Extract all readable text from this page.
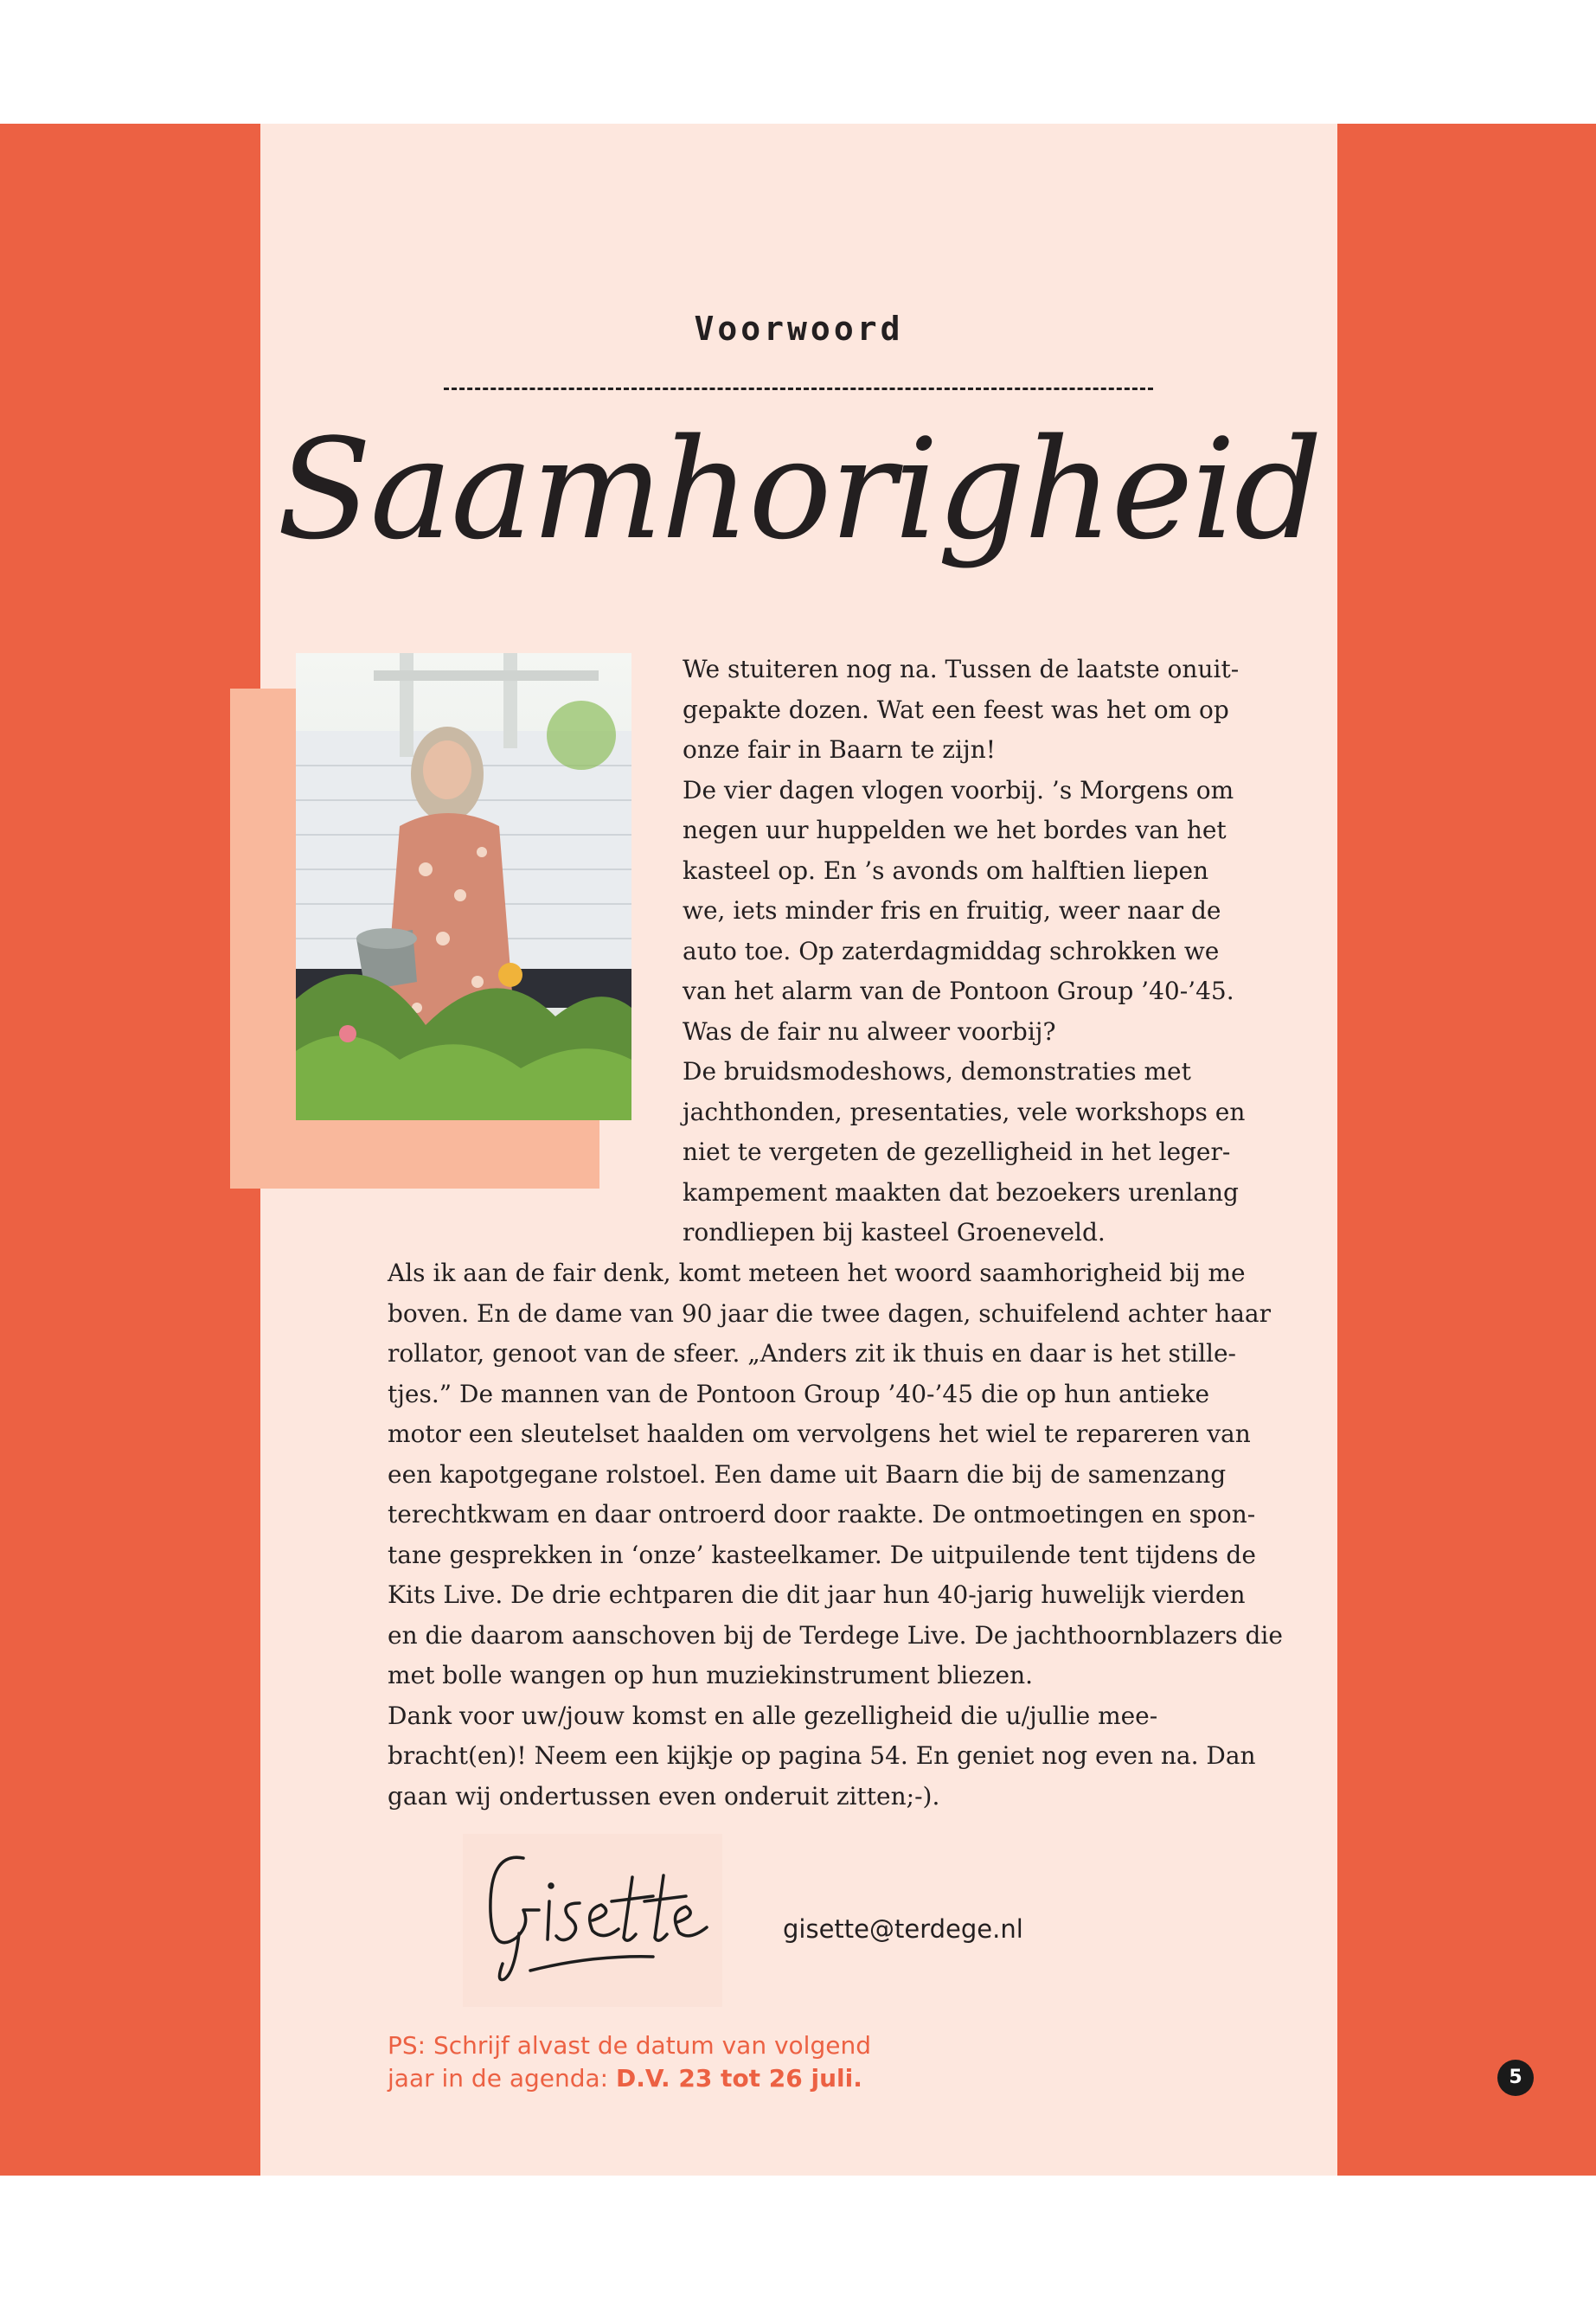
Voorwoord
Saamhorigheid
We stuiteren nog na. Tussen de laatste onuit-
gepakte dozen. Wat een feest was het om op
onze fair in Baarn te zijn!
De vier dagen vlogen voorbij. ’s Morgens om
negen uur huppelden we het bordes van het
kasteel op. En ’s avonds om halftien liepen
we, iets minder fris en fruitig, weer naar de
auto toe. Op zaterdagmiddag schrokken we
van het alarm van de Pontoon Group ’40-’45.
Was de fair nu alweer voorbij?
De bruidsmodeshows, demonstraties met
jachthonden, presentaties, vele workshops en
niet te vergeten de gezelligheid in het leger-
kampement maakten dat bezoekers urenlang
rondliepen bij kasteel Groeneveld.
Als ik aan de fair denk, komt meteen het woord saamhorigheid bij me
boven. En de dame van 90 jaar die twee dagen, schuifelend achter haar
rollator, genoot van de sfeer. „Anders zit ik thuis en daar is het stille-
tjes.” De mannen van de Pontoon Group ’40-’45 die op hun antieke
motor een sleutelset haalden om vervolgens het wiel te repareren van
een kapotgegane rolstoel. Een dame uit Baarn die bij de samenzang
terechtkwam en daar ontroerd door raakte. De ontmoetingen en spon-
tane gesprekken in ‘onze’ kasteelkamer. De uitpuilende tent tijdens de
Kits Live. De drie echtparen die dit jaar hun 40-jarig huwelijk vierden
en die daarom aanschoven bij de Terdege Live. De jachthoornblazers die
met bolle wangen op hun muziekinstrument bliezen.
Dank voor uw/jouw komst en alle gezelligheid die u/jullie mee-
bracht(en)! Neem een kijkje op pagina 54. En geniet nog even na. Dan
gaan wij ondertussen even onderuit zitten;-).
gisette@terdege.nl
PS: Schrijf alvast de datum van volgend
jaar in de agenda: D.V. 23 tot 26 juli.	5
